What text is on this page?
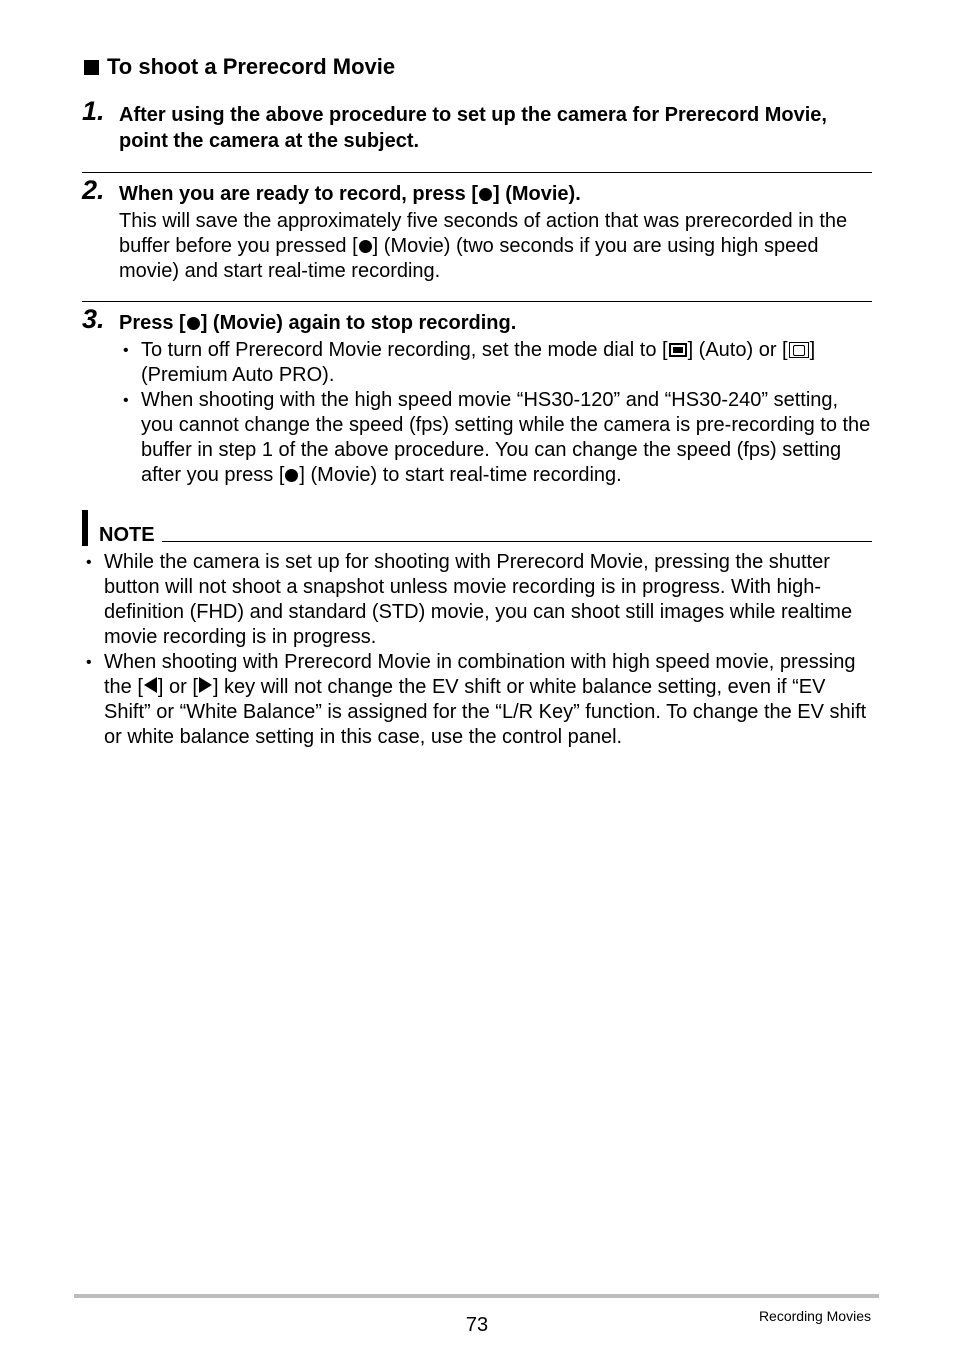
To shoot a Prerecord Movie
1. After using the above procedure to set up the camera for Prerecord Movie, point the camera at the subject.
2. When you are ready to record, press [ ] (Movie).
This will save the approximately five seconds of action that was prerecorded in the buffer before you pressed [ ] (Movie) (two seconds if you are using high speed movie) and start real-time recording.
3. Press [ ] (Movie) again to stop recording.
• To turn off Prerecord Movie recording, set the mode dial to [ ] (Auto) or [ ] (Premium Auto PRO).
• When shooting with the high speed movie “HS30-120” and “HS30-240” setting, you cannot change the speed (fps) setting while the camera is pre-recording to the buffer in step 1 of the above procedure. You can change the speed (fps) setting after you press [ ] (Movie) to start real-time recording.
NOTE
• While the camera is set up for shooting with Prerecord Movie, pressing the shutter button will not shoot a snapshot unless movie recording is in progress. With high-definition (FHD) and standard (STD) movie, you can shoot still images while realtime movie recording is in progress.
• When shooting with Prerecord Movie in combination with high speed movie, pressing the [ ] or [ ] key will not change the EV shift or white balance setting, even if “EV Shift” or “White Balance” is assigned for the “L/R Key” function. To change the EV shift or white balance setting in this case, use the control panel.
73	Recording Movies
